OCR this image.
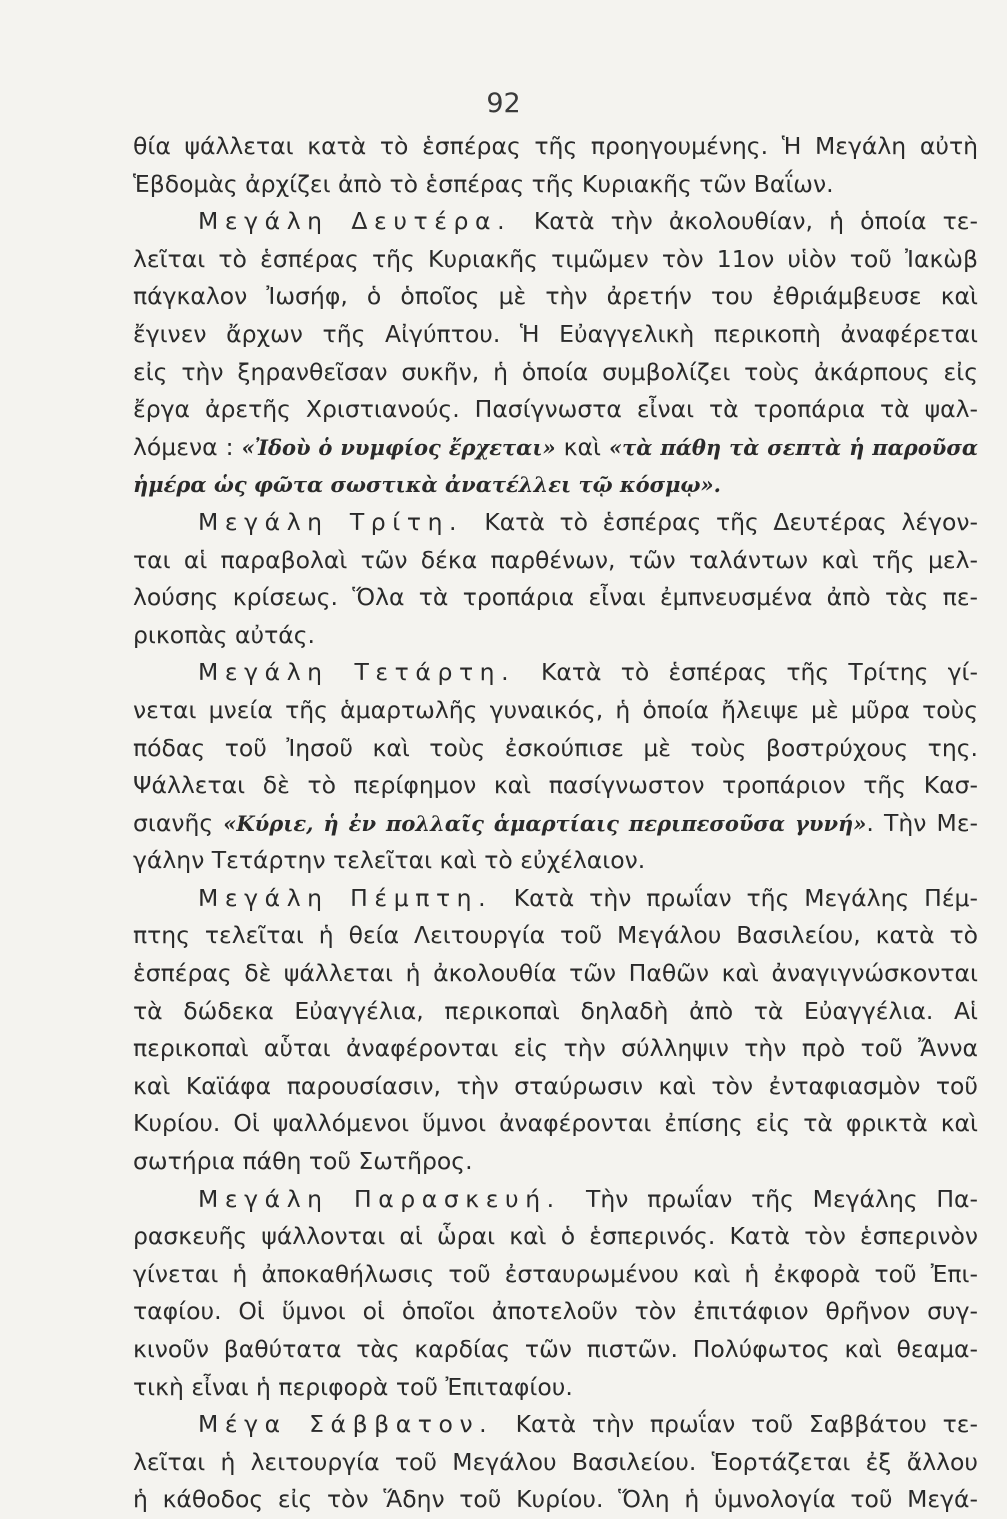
92
θία ψάλλεται κατὰ τὸ ἑσπέρας τῆς προηγουμένης. Ἡ Μεγάλη αὐτὴ
Ἑβδομὰς ἀρχίζει ἀπὸ τὸ ἑσπέρας τῆς Κυριακῆς τῶν Βαΐων.
Μεγάλη Δευτέρα. Κατὰ τὴν ἀκολουθίαν, ἡ ὁποία τε-
λεῖται τὸ ἑσπέρας τῆς Κυριακῆς τιμῶμεν τὸν 11ον υἱὸν τοῦ Ἰακὼβ
πάγκαλον Ἰωσήφ, ὁ ὁποῖος μὲ τὴν ἀρετήν του ἐθριάμβευσε καὶ
ἔγινεν ἄρχων τῆς Αἰγύπτου. Ἡ Εὐαγγελικὴ περικοπὴ ἀναφέρεται
εἰς τὴν ξηρανθεῖσαν συκῆν, ἡ ὁποία συμβολίζει τοὺς ἀκάρπους εἰς
ἔργα ἀρετῆς Χριστιανούς. Πασίγνωστα εἶναι τὰ τροπάρια τὰ ψαλ-
λόμενα : «Ἰδοὺ ὁ νυμφίος ἔρχεται» καὶ «τὰ πάθη τὰ σεπτὰ ἡ παροῦσα
ἡμέρα ὡς φῶτα σωστικὰ ἀνατέλλει τῷ κόσμῳ».
Μεγάλη Τρίτη. Κατὰ τὸ ἑσπέρας τῆς Δευτέρας λέγον-
ται αἱ παραβολαὶ τῶν δέκα παρθένων, τῶν ταλάντων καὶ τῆς μελ-
λούσης κρίσεως. Ὅλα τὰ τροπάρια εἶναι ἐμπνευσμένα ἀπὸ τὰς πε-
ρικοπὰς αὐτάς.
Μεγάλη Τετάρτη. Κατὰ τὸ ἑσπέρας τῆς Τρίτης γί-
νεται μνεία τῆς ἁμαρτωλῆς γυναικός, ἡ ὁποία ἤλειψε μὲ μῦρα τοὺς
πόδας τοῦ Ἰησοῦ καὶ τοὺς ἐσκούπισε μὲ τοὺς βοστρύχους της.
Ψάλλεται δὲ τὸ περίφημον καὶ πασίγνωστον τροπάριον τῆς Κασ-
σιανῆς «Κύριε, ἡ ἐν πολλαῖς ἁμαρτίαις περιπεσοῦσα γυνή». Τὴν Με-
γάλην Τετάρτην τελεῖται καὶ τὸ εὐχέλαιον.
Μεγάλη Πέμπτη. Κατὰ τὴν πρωΐαν τῆς Μεγάλης Πέμ-
πτης τελεῖται ἡ θεία Λειτουργία τοῦ Μεγάλου Βασιλείου, κατὰ τὸ
ἑσπέρας δὲ ψάλλεται ἡ ἀκολουθία τῶν Παθῶν καὶ ἀναγιγνώσκονται
τὰ δώδεκα Εὐαγγέλια, περικοπαὶ δηλαδὴ ἀπὸ τὰ Εὐαγγέλια. Αἱ
περικοπαὶ αὗται ἀναφέρονται εἰς τὴν σύλληψιν τὴν πρὸ τοῦ Ἄννα
καὶ Καϊάφα παρουσίασιν, τὴν σταύρωσιν καὶ τὸν ἐνταφιασμὸν τοῦ
Κυρίου. Οἱ ψαλλόμενοι ὕμνοι ἀναφέρονται ἐπίσης εἰς τὰ φρικτὰ καὶ
σωτήρια πάθη τοῦ Σωτῆρος.
Μεγάλη Παρασκευή. Τὴν πρωΐαν τῆς Μεγάλης Πα-
ρασκευῆς ψάλλονται αἱ ὧραι καὶ ὁ ἑσπερινός. Κατὰ τὸν ἑσπερινὸν
γίνεται ἡ ἀποκαθήλωσις τοῦ ἐσταυρωμένου καὶ ἡ ἐκφορὰ τοῦ Ἐπι-
ταφίου. Οἱ ὕμνοι οἱ ὁποῖοι ἀποτελοῦν τὸν ἐπιτάφιον θρῆνον συγ-
κινοῦν βαθύτατα τὰς καρδίας τῶν πιστῶν. Πολύφωτος καὶ θεαμα-
τικὴ εἶναι ἡ περιφορὰ τοῦ Ἐπιταφίου.
Μέγα Σάββατον. Κατὰ τὴν πρωΐαν τοῦ Σαββάτου τε-
λεῖται ἡ λειτουργία τοῦ Μεγάλου Βασιλείου. Ἑορτάζεται ἐξ ἄλλου
ἡ κάθοδος εἰς τὸν Ἅδην τοῦ Κυρίου. Ὅλη ἡ ὑμνολογία τοῦ Μεγά-
